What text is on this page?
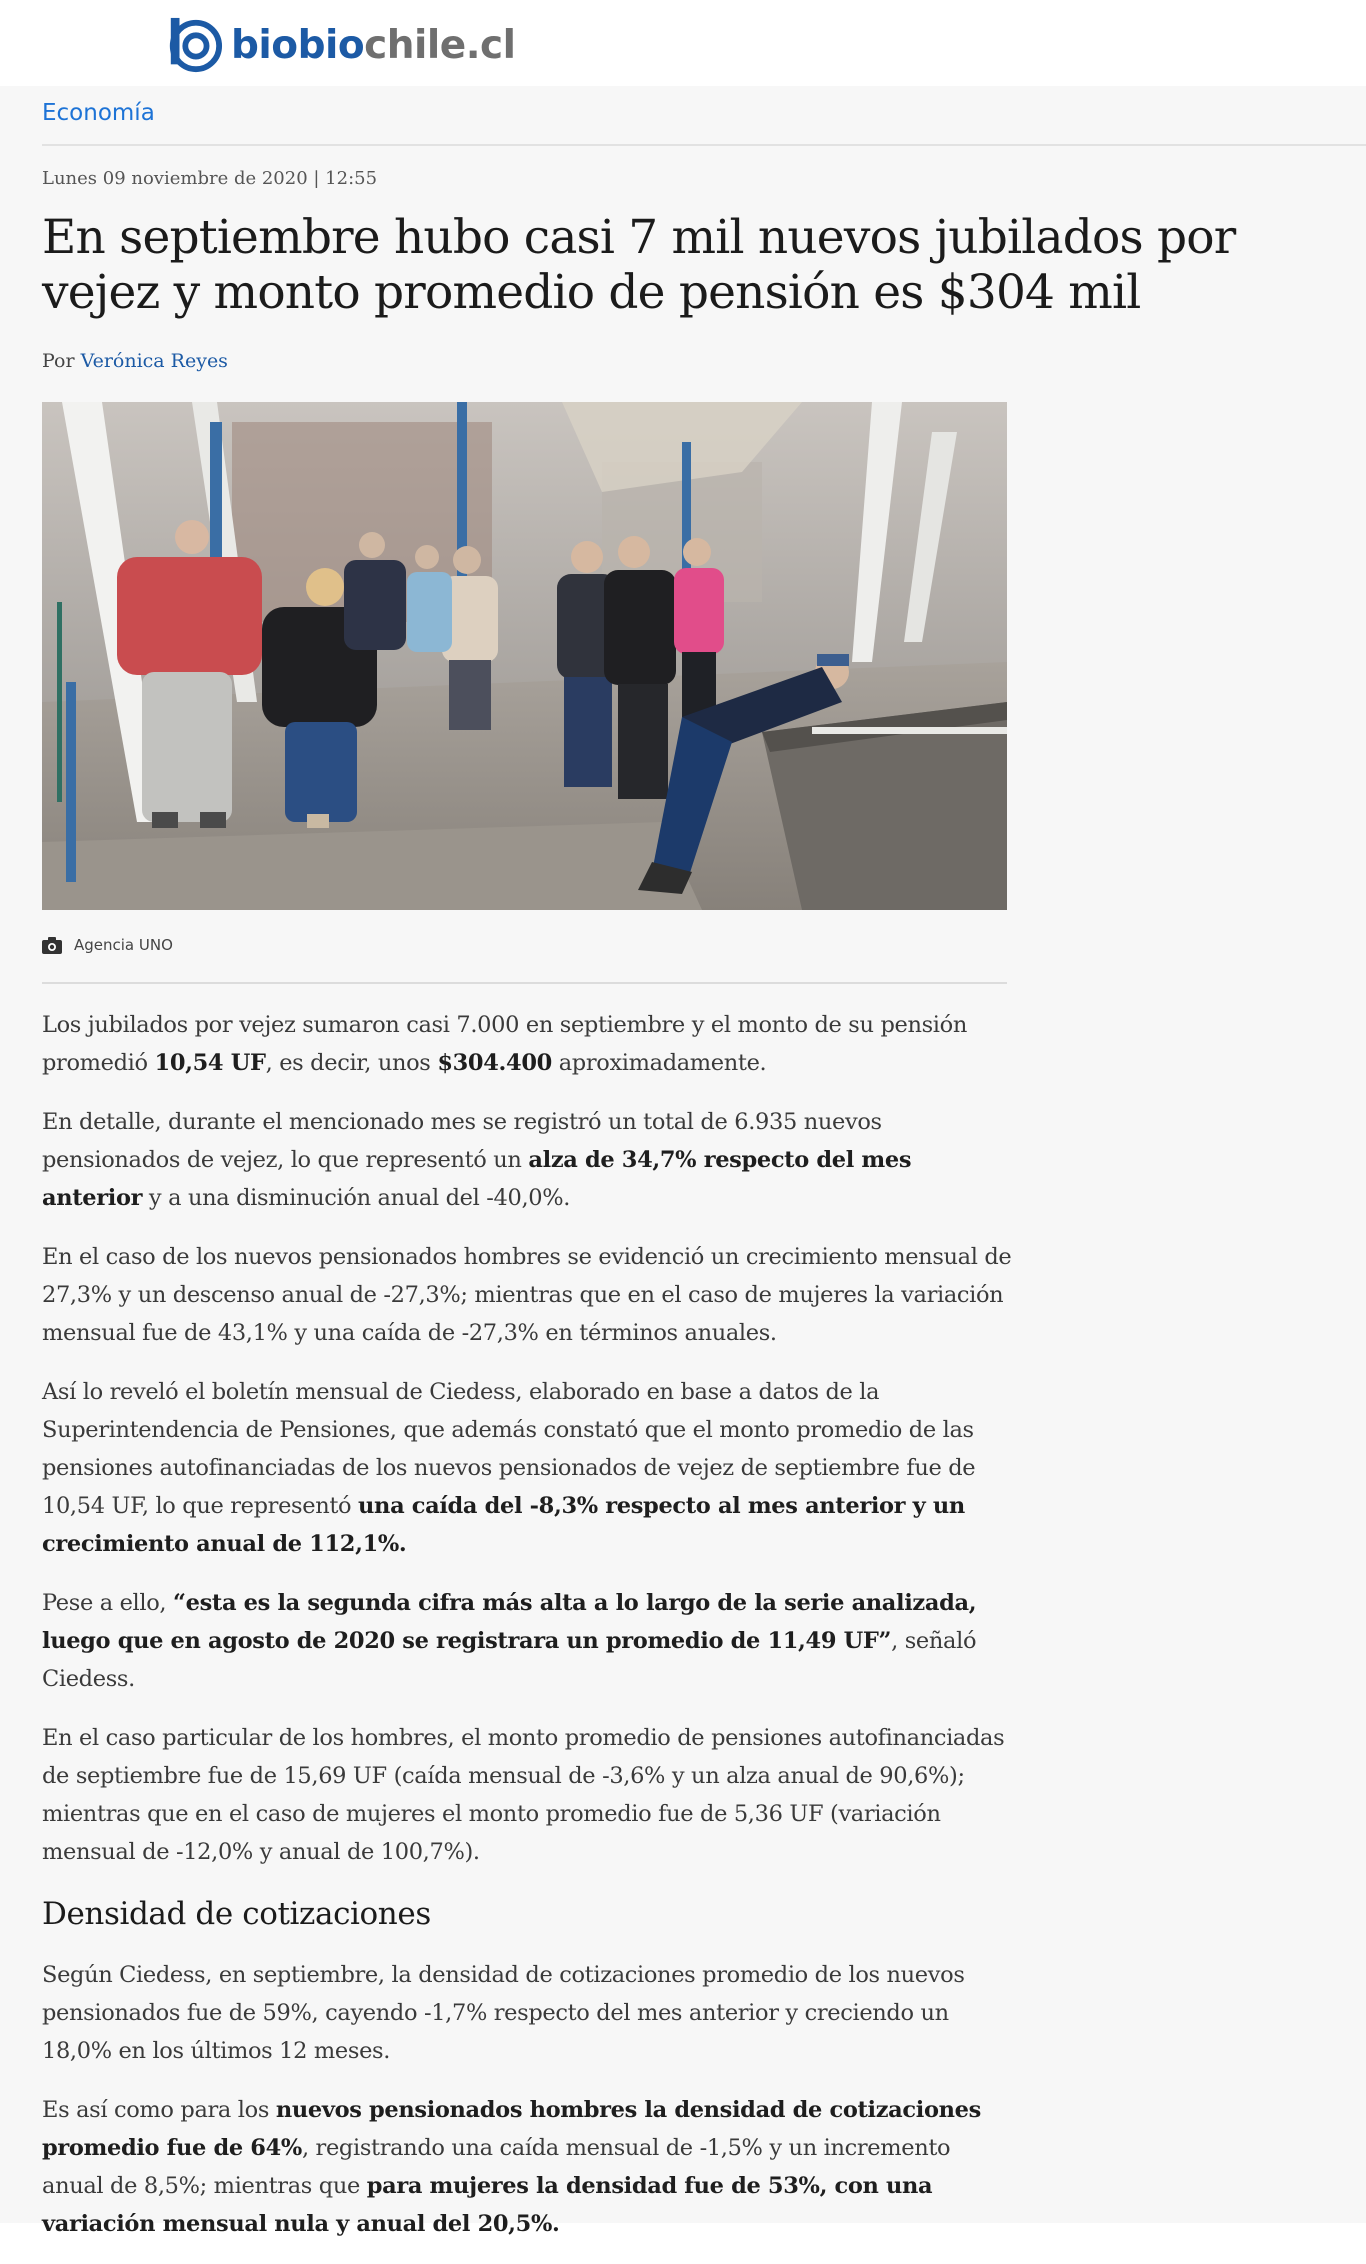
biobiochile.cl
Economía
Lunes 09 noviembre de 2020 | 12:55
En septiembre hubo casi 7 mil nuevos jubilados por vejez y monto promedio de pensión es $304 mil
Por Verónica Reyes
Agencia UNO

Los jubilados por vejez sumaron casi 7.000 en septiembre y el monto de su pensión promedió 10,54 UF, es decir, unos $304.400 aproximadamente.

En detalle, durante el mencionado mes se registró un total de 6.935 nuevos pensionados de vejez, lo que representó un alza de 34,7% respecto del mes anterior y a una disminución anual del -40,0%.

En el caso de los nuevos pensionados hombres se evidenció un crecimiento mensual de 27,3% y un descenso anual de -27,3%; mientras que en el caso de mujeres la variación mensual fue de 43,1% y una caída de -27,3% en términos anuales.

Así lo reveló el boletín mensual de Ciedess, elaborado en base a datos de la Superintendencia de Pensiones, que además constató que el monto promedio de las pensiones autofinanciadas de los nuevos pensionados de vejez de septiembre fue de 10,54 UF, lo que representó una caída del -8,3% respecto al mes anterior y un crecimiento anual de 112,1%.

Pese a ello, “esta es la segunda cifra más alta a lo largo de la serie analizada, luego que en agosto de 2020 se registrara un promedio de 11,49 UF”, señaló Ciedess.

En el caso particular de los hombres, el monto promedio de pensiones autofinanciadas de septiembre fue de 15,69 UF (caída mensual de -3,6% y un alza anual de 90,6%); mientras que en el caso de mujeres el monto promedio fue de 5,36 UF (variación mensual de -12,0% y anual de 100,7%).

Densidad de cotizaciones

Según Ciedess, en septiembre, la densidad de cotizaciones promedio de los nuevos pensionados fue de 59%, cayendo -1,7% respecto del mes anterior y creciendo un 18,0% en los últimos 12 meses.

Es así como para los nuevos pensionados hombres la densidad de cotizaciones promedio fue de 64%, registrando una caída mensual de -1,5% y un incremento anual de 8,5%; mientras que para mujeres la densidad fue de 53%, con una variación mensual nula y anual del 20,5%.
